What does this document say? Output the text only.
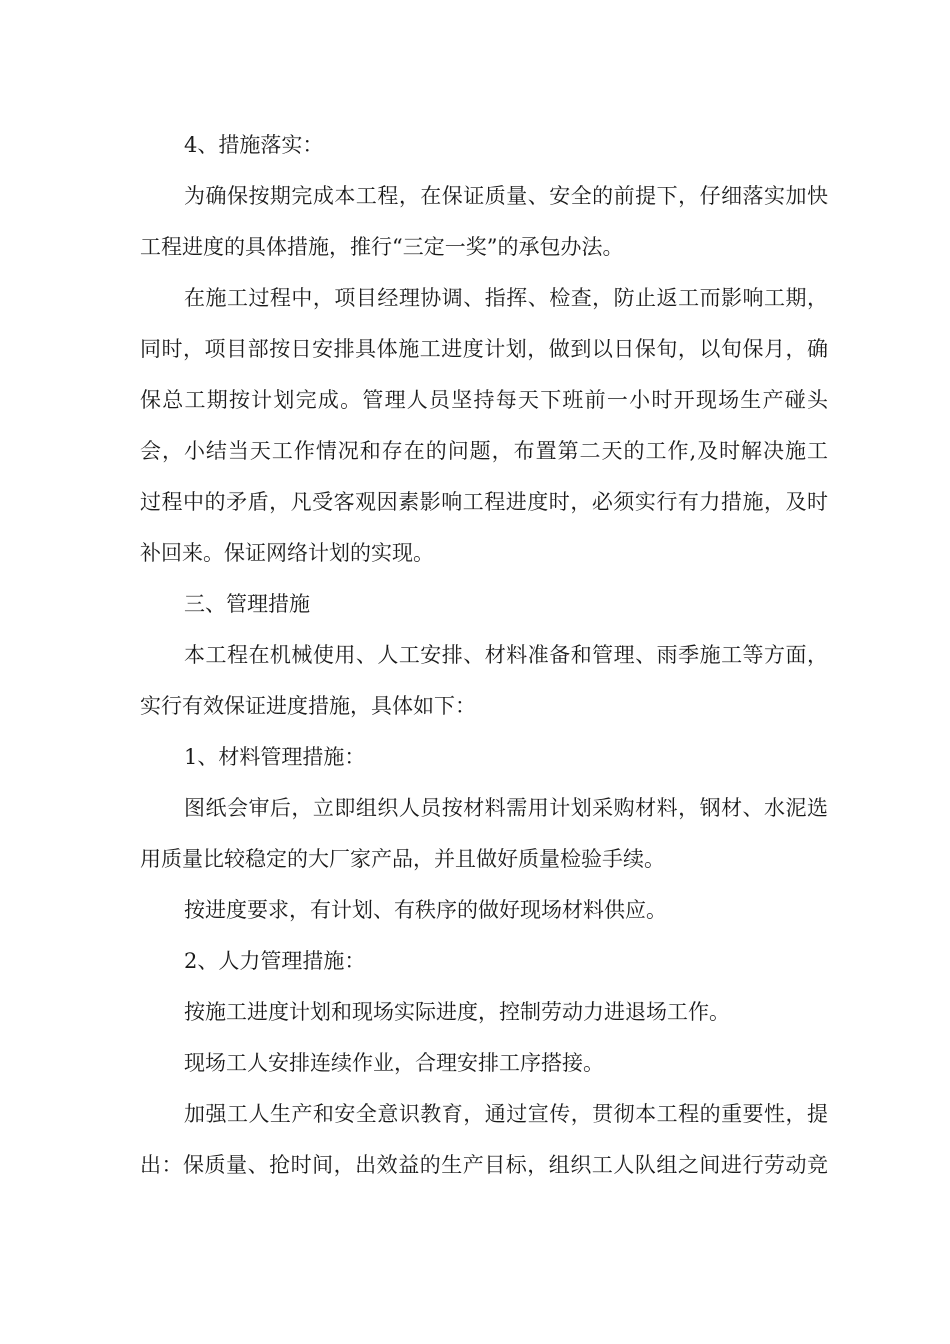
4、措施落实：
为确保按期完成本工程，在保证质量、安全的前提下，仔细落实加快
工程进度的具体措施，推行“三定一奖”的承包办法。
在施工过程中，项目经理协调、指挥、检查，防止返工而影响工期，
同时，项目部按日安排具体施工进度计划，做到以日保旬，以旬保月，确
保总工期按计划完成。管理人员坚持每天下班前一小时开现场生产碰头
会，小结当天工作情况和存在的问题，布置第二天的工作,及时解决施工
过程中的矛盾，凡受客观因素影响工程进度时，必须实行有力措施，及时
补回来。保证网络计划的实现。
三、管理措施
本工程在机械使用、人工安排、材料准备和管理、雨季施工等方面，
实行有效保证进度措施，具体如下：
1、材料管理措施：
图纸会审后，立即组织人员按材料需用计划采购材料，钢材、水泥选
用质量比较稳定的大厂家产品，并且做好质量检验手续。
按进度要求，有计划、有秩序的做好现场材料供应。
2、人力管理措施：
按施工进度计划和现场实际进度，控制劳动力进退场工作。
现场工人安排连续作业，合理安排工序搭接。
加强工人生产和安全意识教育，通过宣传，贯彻本工程的重要性，提
出：保质量、抢时间，出效益的生产目标，组织工人队组之间进行劳动竞
